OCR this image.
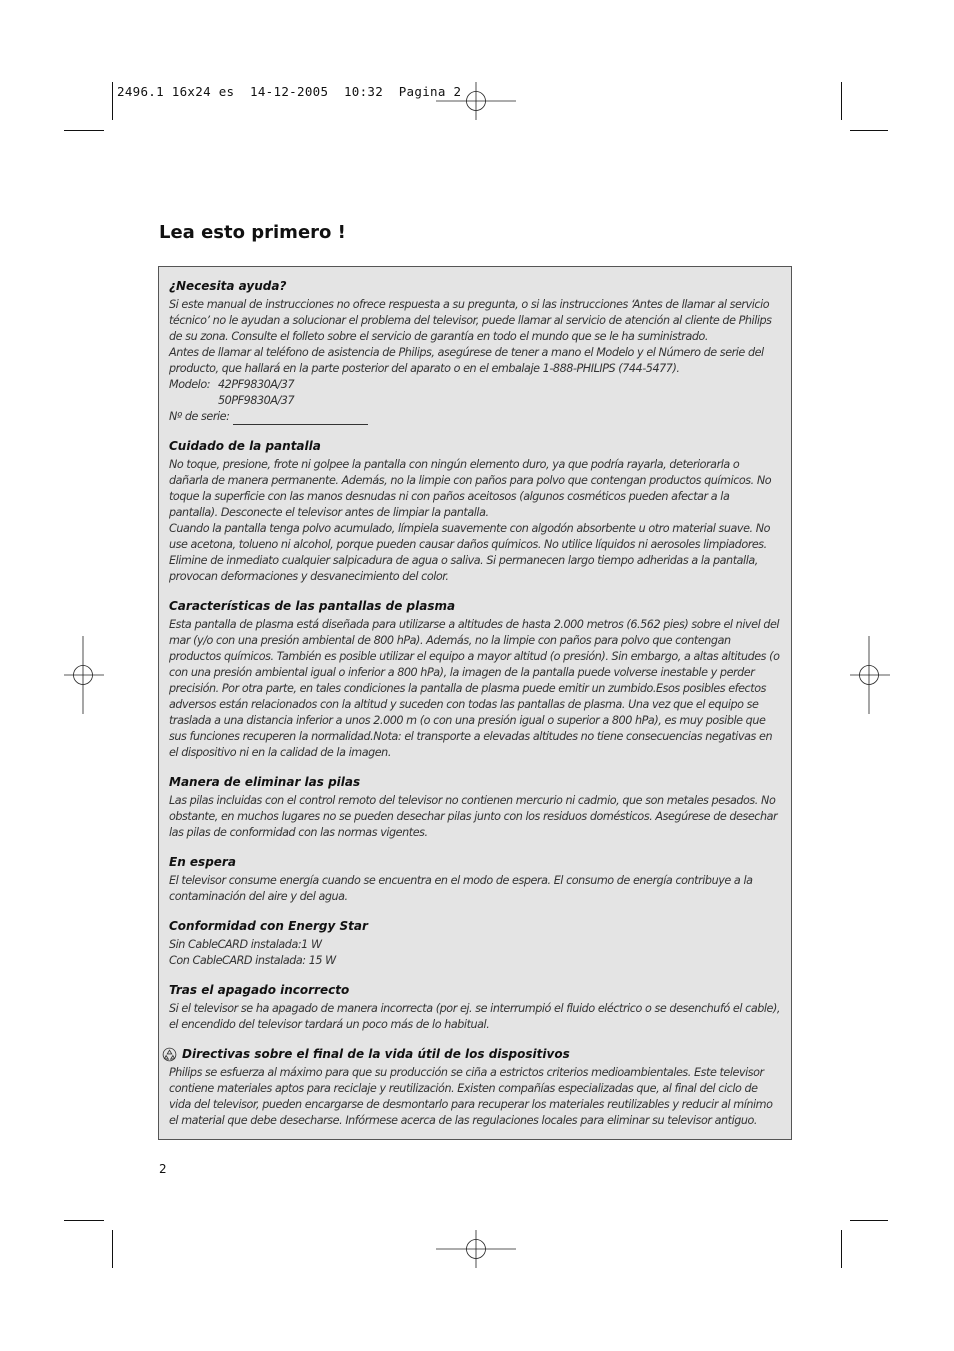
2496.1 16x24 es  14-12-2005  10:32  Pagina 2
Lea esto primero !
¿Necesita ayuda?

Si este manual de instrucciones no ofrece respuesta a su pregunta, o si las instrucciones ‘Antes de llamar al servicio técnico’ no le ayudan a solucionar el problema del televisor, puede llamar al servicio de atención al cliente de Philips de su zona. Consulte el folleto sobre el servicio de garantía en todo el mundo que se le ha suministrado.

Antes de llamar al teléfono de asistencia de Philips, asegúrese de tener a mano el Modelo y el Número de serie del producto, que hallará en la parte posterior del aparato o en el embalaje 1-888-PHILIPS (744-5477).

Modelo: 42PF9830A/37
50PF9830A/37
Nº de serie:
Cuidado de la pantalla

No toque, presione, frote ni golpee la pantalla con ningún elemento duro, ya que podría rayarla, deteriorarla o dañarla de manera permanente. Además, no la limpie con paños para polvo que contengan productos químicos. No toque la superficie con las manos desnudas ni con paños aceitosos (algunos cosméticos pueden afectar a la pantalla). Desconecte el televisor antes de limpiar la pantalla.

Cuando la pantalla tenga polvo acumulado, límpiela suavemente con algodón absorbente u otro material suave. No use acetona, tolueno ni alcohol, porque pueden causar daños químicos. No utilice líquidos ni aerosoles limpiadores. Elimine de inmediato cualquier salpicadura de agua o saliva. Si permanecen largo tiempo adheridas a la pantalla, provocan deformaciones y desvanecimiento del color.

Características de las pantallas de plasma

Esta pantalla de plasma está diseñada para utilizarse a altitudes de hasta 2.000 metros (6.562 pies) sobre el nivel del mar (y/o con una presión ambiental de 800 hPa). Además, no la limpie con paños para polvo que contengan productos químicos. También es posible utilizar el equipo a mayor altitud (o presión). Sin embargo, a altas altitudes (o con una presión ambiental igual o inferior a 800 hPa), la imagen de la pantalla puede volverse inestable y perder precisión. Por otra parte, en tales condiciones la pantalla de plasma puede emitir un zumbido.Esos posibles efectos adversos están relacionados con la altitud y suceden con todas las pantallas de plasma. Una vez que el equipo se traslada a una distancia inferior a unos 2.000 m (o con una presión igual o superior a 800 hPa), es muy posible que sus funciones recuperen la normalidad.Nota: el transporte a elevadas altitudes no tiene consecuencias negativas en el dispositivo ni en la calidad de la imagen.

Manera de eliminar las pilas

Las pilas incluidas con el control remoto del televisor no contienen mercurio ni cadmio, que son metales pesados. No obstante, en muchos lugares no se pueden desechar pilas junto con los residuos domésticos. Asegúrese de desechar las pilas de conformidad con las normas vigentes.

En espera

El televisor consume energía cuando se encuentra en el modo de espera. El consumo de energía contribuye a la contaminación del aire y del agua.

Conformidad con Energy Star

Sin CableCARD instalada:1 W

Con CableCARD instalada: 15 W

Tras el apagado incorrecto

Si el televisor se ha apagado de manera incorrecta (por ej. se interrumpió el fluido eléctrico o se desenchufó el cable), el encendido del televisor tardará un poco más de lo habitual.

Directivas sobre el final de la vida útil de los dispositivos

Philips se esfuerza al máximo para que su producción se ciña a estrictos criterios medioambientales. Este televisor contiene materiales aptos para reciclaje y reutilización. Existen compañías especializadas que, al final del ciclo de vida del televisor, pueden encargarse de desmontarlo para recuperar los materiales reutilizables y reducir al mínimo el material que debe desecharse. Infórmese acerca de las regulaciones locales para eliminar su televisor antiguo.

2
